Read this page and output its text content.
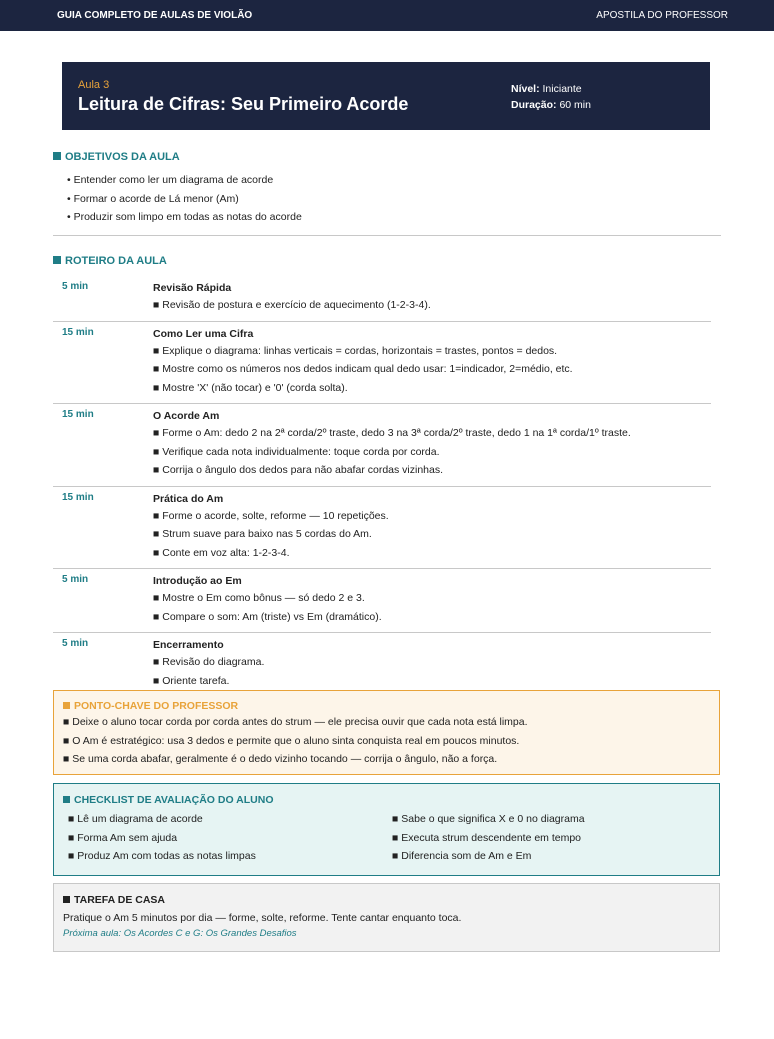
GUIA COMPLETO DE AULAS DE VIOLÃO	APOSTILA DO PROFESSOR
Aula 3
Leitura de Cifras: Seu Primeiro Acorde
Nível: Iniciante
Duração: 60 min
OBJETIVOS DA AULA
• Entender como ler um diagrama de acorde
• Formar o acorde de Lá menor (Am)
• Produzir som limpo em todas as notas do acorde
ROTEIRO DA AULA
5 min	Revisão Rápida
■ Revisão de postura e exercício de aquecimento (1-2-3-4).
15 min	Como Ler uma Cifra
■ Explique o diagrama: linhas verticais = cordas, horizontais = trastes, pontos = dedos.
■ Mostre como os números nos dedos indicam qual dedo usar: 1=indicador, 2=médio, etc.
■ Mostre 'X' (não tocar) e '0' (corda solta).
15 min	O Acorde Am
■ Forme o Am: dedo 2 na 2ª corda/2º traste, dedo 3 na 3ª corda/2º traste, dedo 1 na 1ª corda/1º traste.
■ Verifique cada nota individualmente: toque corda por corda.
■ Corrija o ângulo dos dedos para não abafar cordas vizinhas.
15 min	Prática do Am
■ Forme o acorde, solte, reforme — 10 repetições.
■ Strum suave para baixo nas 5 cordas do Am.
■ Conte em voz alta: 1-2-3-4.
5 min	Introdução ao Em
■ Mostre o Em como bônus — só dedo 2 e 3.
■ Compare o som: Am (triste) vs Em (dramático).
5 min	Encerramento
■ Revisão do diagrama.
■ Oriente tarefa.
PONTO-CHAVE DO PROFESSOR
■ Deixe o aluno tocar corda por corda antes do strum — ele precisa ouvir que cada nota está limpa.
■ O Am é estratégico: usa 3 dedos e permite que o aluno sinta conquista real em poucos minutos.
■ Se uma corda abafar, geralmente é o dedo vizinho tocando — corrija o ângulo, não a força.
CHECKLIST DE AVALIAÇÃO DO ALUNO
■ Lê um diagrama de acorde	■ Sabe o que significa X e 0 no diagrama
■ Forma Am sem ajuda	■ Executa strum descendente em tempo
■ Produz Am com todas as notas limpas	■ Diferencia som de Am e Em
TAREFA DE CASA
Pratique o Am 5 minutos por dia — forme, solte, reforme. Tente cantar enquanto toca.
Próxima aula: Os Acordes C e G: Os Grandes Desafios
